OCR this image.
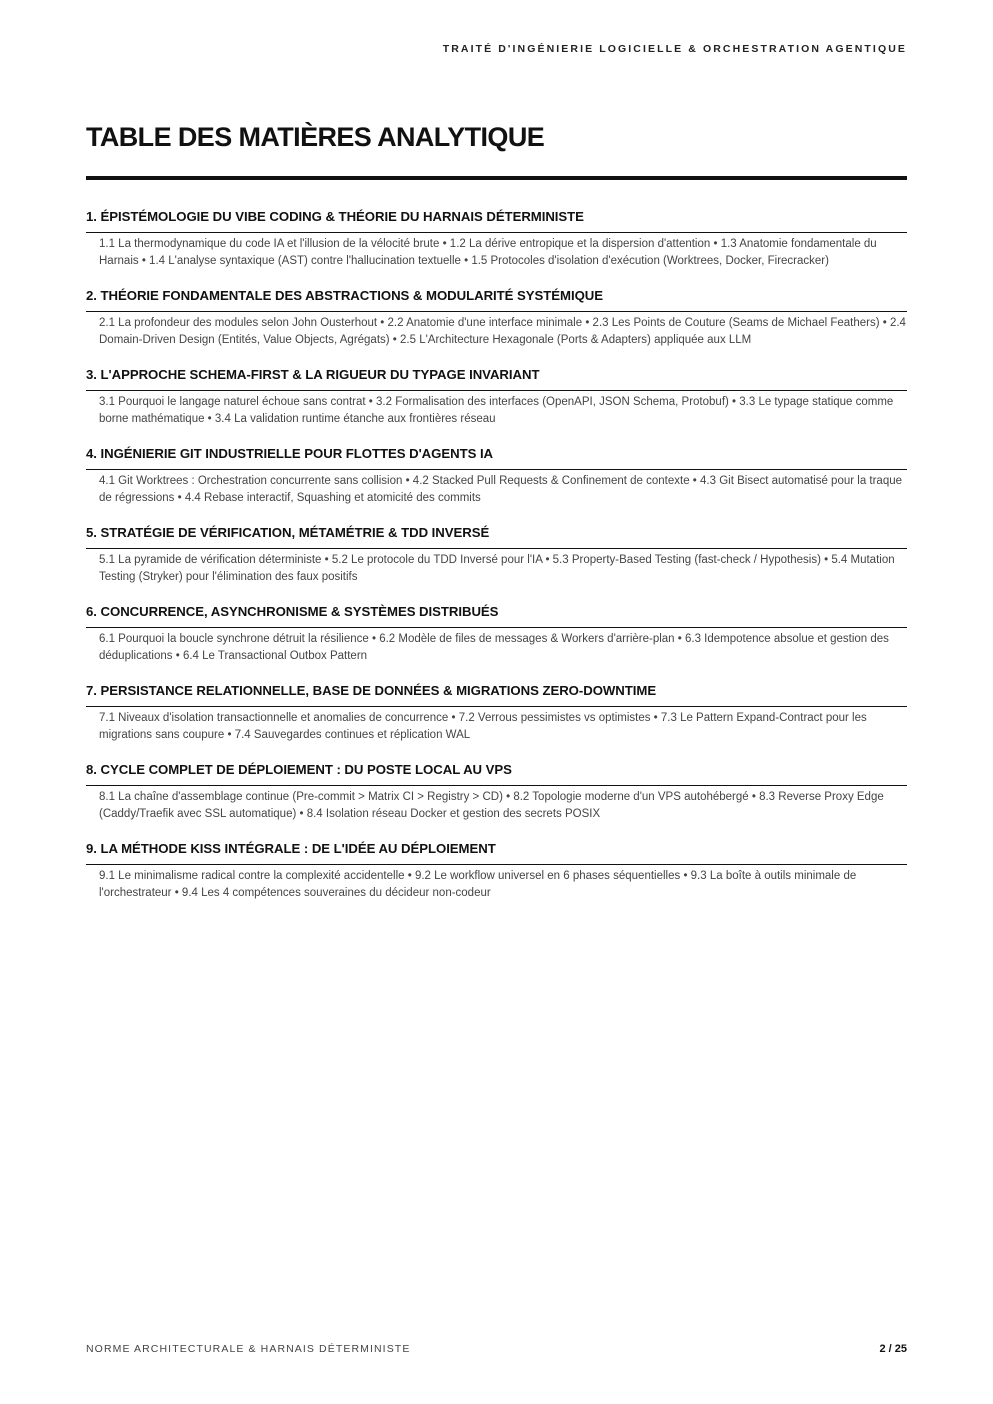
TRAITÉ D'INGÉNIERIE LOGICIELLE & ORCHESTRATION AGENTIQUE
TABLE DES MATIÈRES ANALYTIQUE
1. ÉPISTÉMOLOGIE DU VIBE CODING & THÉORIE DU HARNAIS DÉTERMINISTE
1.1 La thermodynamique du code IA et l'illusion de la vélocité brute • 1.2 La dérive entropique et la dispersion d'attention • 1.3 Anatomie fondamentale du Harnais • 1.4 L'analyse syntaxique (AST) contre l'hallucination textuelle • 1.5 Protocoles d'isolation d'exécution (Worktrees, Docker, Firecracker)
2. THÉORIE FONDAMENTALE DES ABSTRACTIONS & MODULARITÉ SYSTÉMIQUE
2.1 La profondeur des modules selon John Ousterhout • 2.2 Anatomie d'une interface minimale • 2.3 Les Points de Couture (Seams de Michael Feathers) • 2.4 Domain-Driven Design (Entités, Value Objects, Agrégats) • 2.5 L'Architecture Hexagonale (Ports & Adapters) appliquée aux LLM
3. L'APPROCHE SCHEMA-FIRST & LA RIGUEUR DU TYPAGE INVARIANT
3.1 Pourquoi le langage naturel échoue sans contrat • 3.2 Formalisation des interfaces (OpenAPI, JSON Schema, Protobuf) • 3.3 Le typage statique comme borne mathématique • 3.4 La validation runtime étanche aux frontières réseau
4. INGÉNIERIE GIT INDUSTRIELLE POUR FLOTTES D'AGENTS IA
4.1 Git Worktrees : Orchestration concurrente sans collision • 4.2 Stacked Pull Requests & Confinement de contexte • 4.3 Git Bisect automatisé pour la traque de régressions • 4.4 Rebase interactif, Squashing et atomicité des commits
5. STRATÉGIE DE VÉRIFICATION, MÉTAMÉTRIE & TDD INVERSÉ
5.1 La pyramide de vérification déterministe • 5.2 Le protocole du TDD Inversé pour l'IA • 5.3 Property-Based Testing (fast-check / Hypothesis) • 5.4 Mutation Testing (Stryker) pour l'élimination des faux positifs
6. CONCURRENCE, ASYNCHRONISME & SYSTÈMES DISTRIBUÉS
6.1 Pourquoi la boucle synchrone détruit la résilience • 6.2 Modèle de files de messages & Workers d'arrière-plan • 6.3 Idempotence absolue et gestion des déduplications • 6.4 Le Transactional Outbox Pattern
7. PERSISTANCE RELATIONNELLE, BASE DE DONNÉES & MIGRATIONS ZERO-DOWNTIME
7.1 Niveaux d'isolation transactionnelle et anomalies de concurrence • 7.2 Verrous pessimistes vs optimistes • 7.3 Le Pattern Expand-Contract pour les migrations sans coupure • 7.4 Sauvegardes continues et réplication WAL
8. CYCLE COMPLET DE DÉPLOIEMENT : DU POSTE LOCAL AU VPS
8.1 La chaîne d'assemblage continue (Pre-commit > Matrix CI > Registry > CD) • 8.2 Topologie moderne d'un VPS autohébergé • 8.3 Reverse Proxy Edge (Caddy/Traefik avec SSL automatique) • 8.4 Isolation réseau Docker et gestion des secrets POSIX
9. LA MÉTHODE KISS INTÉGRALE : DE L'IDÉE AU DÉPLOIEMENT
9.1 Le minimalisme radical contre la complexité accidentelle • 9.2 Le workflow universel en 6 phases séquentielles • 9.3 La boîte à outils minimale de l'orchestrateur • 9.4 Les 4 compétences souveraines du décideur non-codeur
NORME ARCHITECTURALE & HARNAIS DÉTERMINISTE	2 / 25
